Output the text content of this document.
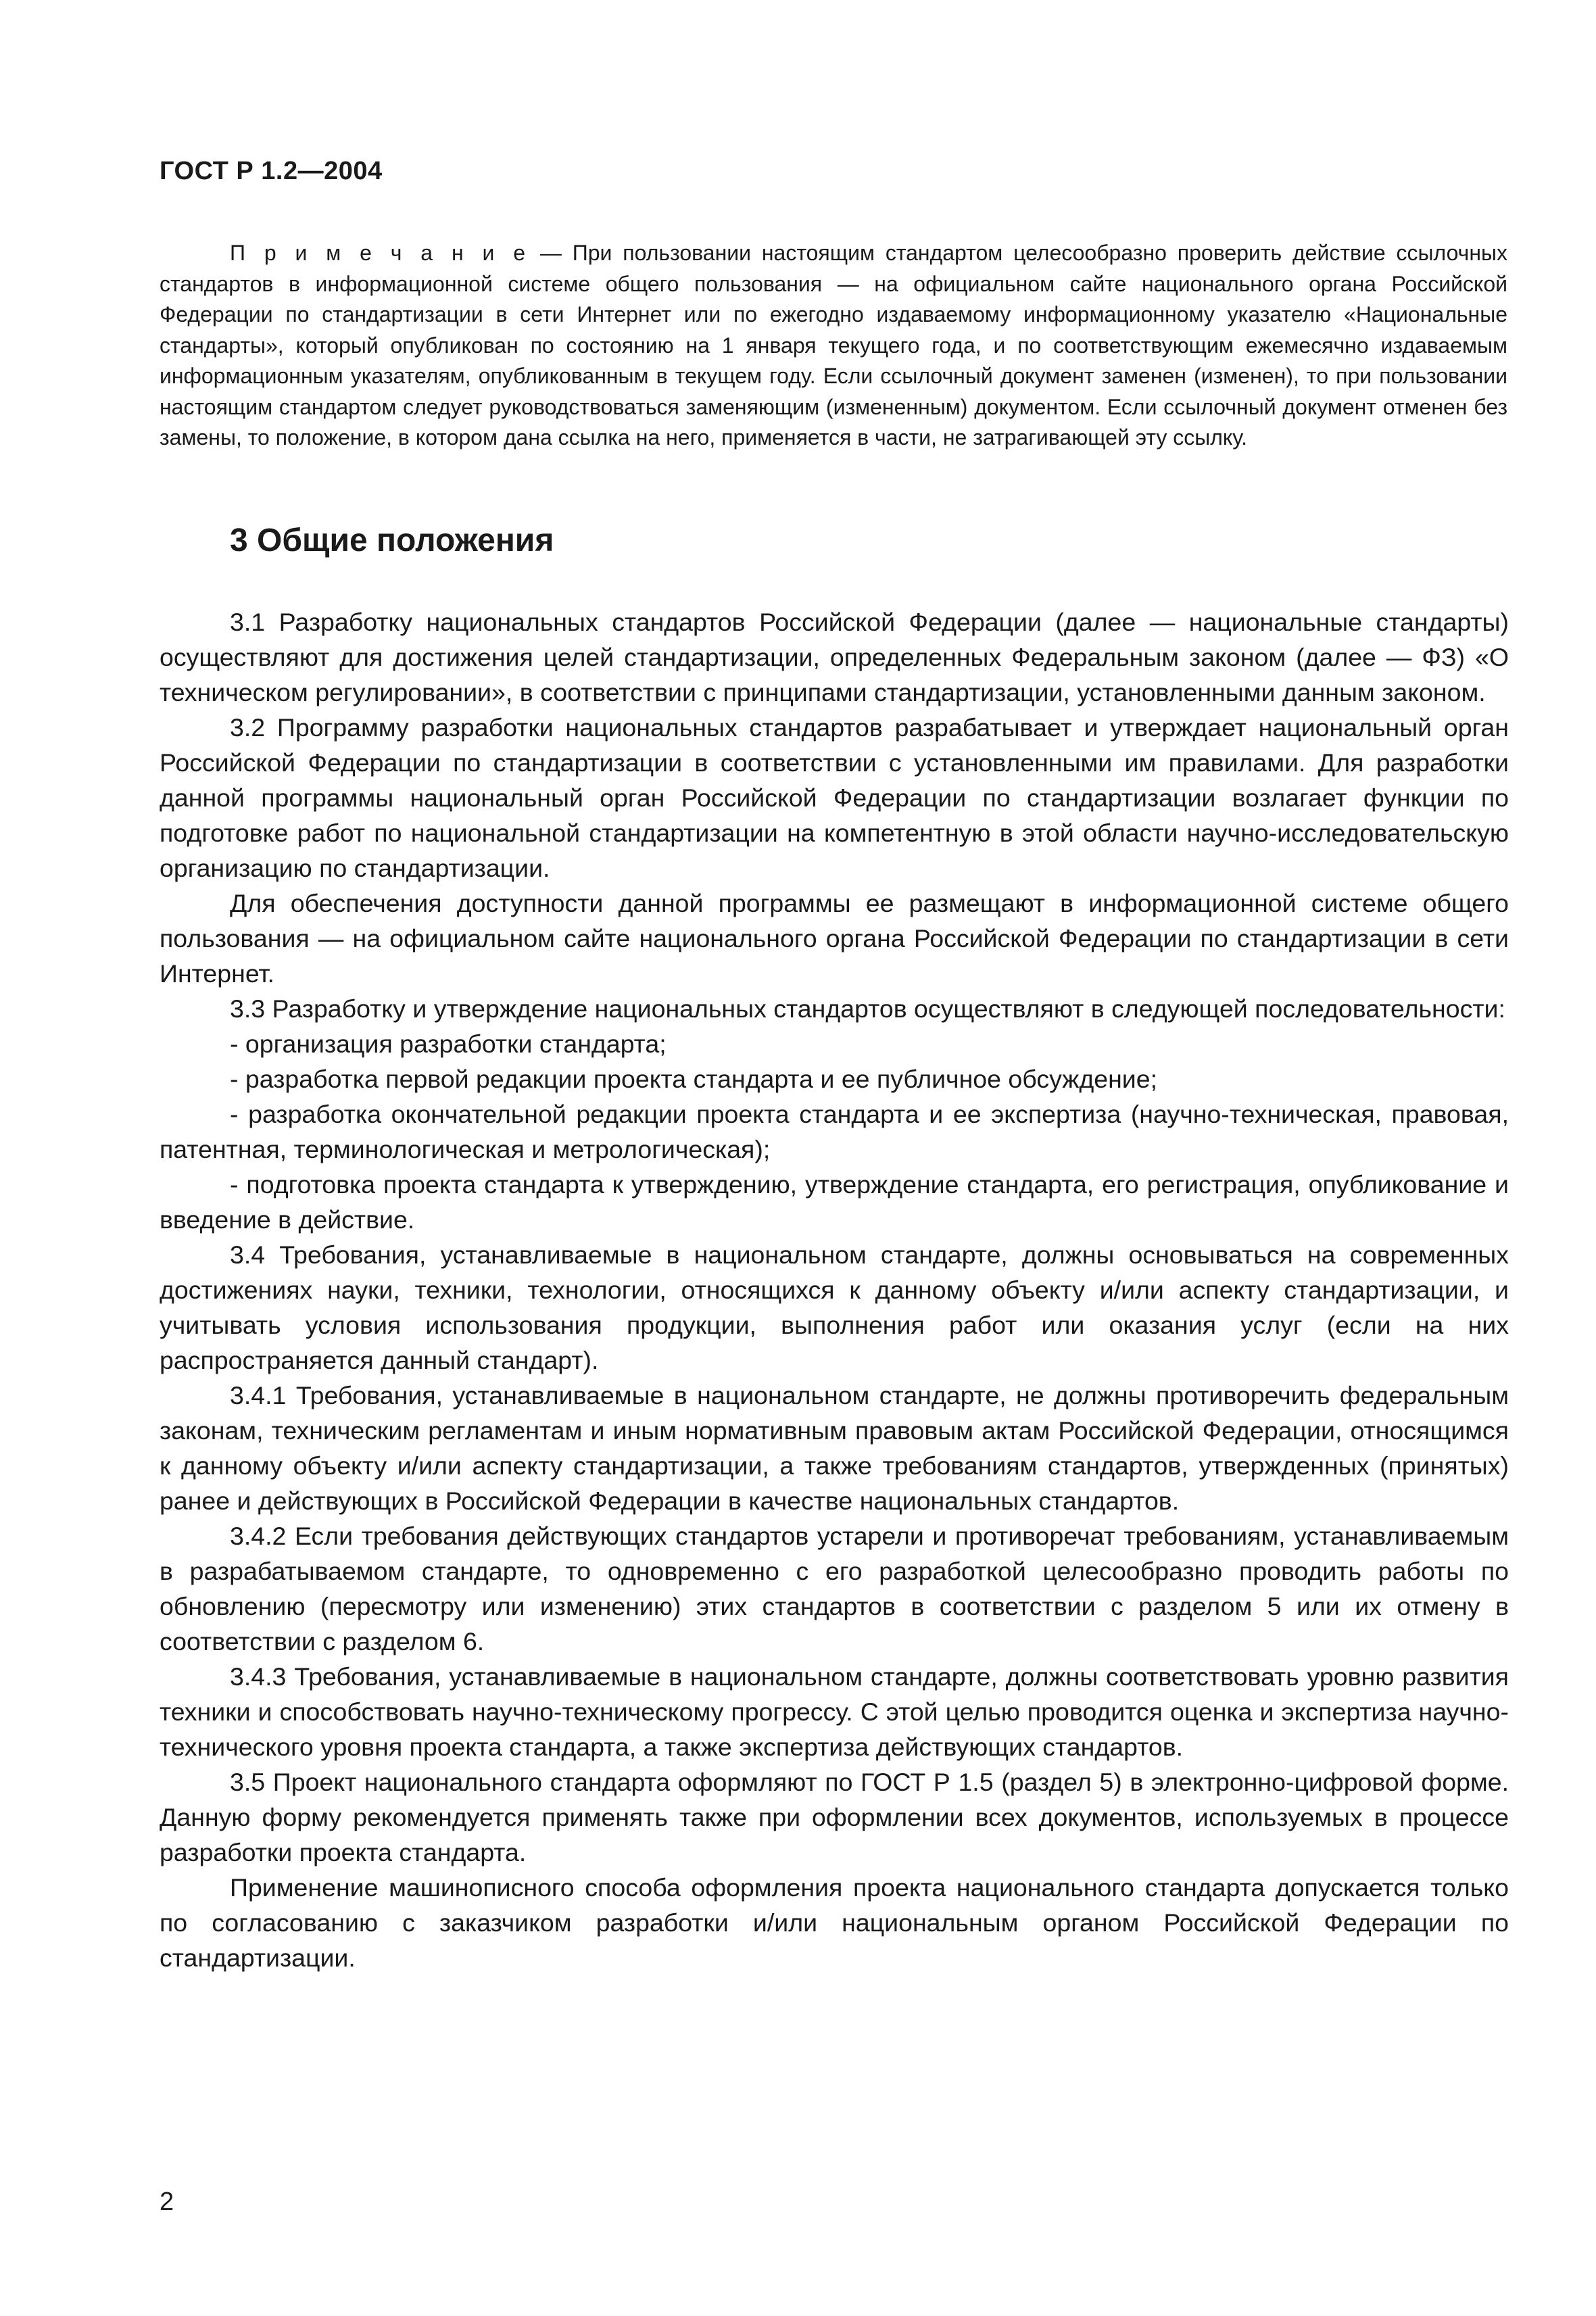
ГОСТ Р 1.2—2004

П р и м е ч а н и е — При пользовании настоящим стандартом целесообразно проверить действие ссылочных стандартов в информационной системе общего пользования — на официальном сайте национального органа Российской Федерации по стандартизации в сети Интернет или по ежегодно издаваемому информационному указателю «Национальные стандарты», который опубликован по состоянию на 1 января текущего года, и по соответствующим ежемесячно издаваемым информационным указателям, опубликованным в текущем году. Если ссылочный документ заменен (изменен), то при пользовании настоящим стандартом следует руководствоваться заменяющим (измененным) документом. Если ссылочный документ отменен без замены, то положение, в котором дана ссылка на него, применяется в части, не затрагивающей эту ссылку.

3 Общие положения

3.1 Разработку национальных стандартов Российской Федерации (далее — национальные стандарты) осуществляют для достижения целей стандартизации, определенных Федеральным законом (далее — ФЗ) «О техническом регулировании», в соответствии с принципами стандартизации, установленными данным законом.

3.2 Программу разработки национальных стандартов разрабатывает и утверждает национальный орган Российской Федерации по стандартизации в соответствии с установленными им правилами. Для разработки данной программы национальный орган Российской Федерации по стандартизации возлагает функции по подготовке работ по национальной стандартизации на компетентную в этой области научно-исследовательскую организацию по стандартизации.

Для обеспечения доступности данной программы ее размещают в информационной системе общего пользования — на официальном сайте национального органа Российской Федерации по стандартизации в сети Интернет.

3.3 Разработку и утверждение национальных стандартов осуществляют в следующей последовательности:

- организация разработки стандарта;

- разработка первой редакции проекта стандарта и ее публичное обсуждение;

- разработка окончательной редакции проекта стандарта и ее экспертиза (научно-техническая, правовая, патентная, терминологическая и метрологическая);

- подготовка проекта стандарта к утверждению, утверждение стандарта, его регистрация, опубликование и введение в действие.

3.4 Требования, устанавливаемые в национальном стандарте, должны основываться на современных достижениях науки, техники, технологии, относящихся к данному объекту и/или аспекту стандартизации, и учитывать условия использования продукции, выполнения работ или оказания услуг (если на них распространяется данный стандарт).

3.4.1 Требования, устанавливаемые в национальном стандарте, не должны противоречить федеральным законам, техническим регламентам и иным нормативным правовым актам Российской Федерации, относящимся к данному объекту и/или аспекту стандартизации, а также требованиям стандартов, утвержденных (принятых) ранее и действующих в Российской Федерации в качестве национальных стандартов.

3.4.2 Если требования действующих стандартов устарели и противоречат требованиям, устанавливаемым в разрабатываемом стандарте, то одновременно с его разработкой целесообразно проводить работы по обновлению (пересмотру или изменению) этих стандартов в соответствии с разделом 5 или их отмену в соответствии с разделом 6.

3.4.3 Требования, устанавливаемые в национальном стандарте, должны соответствовать уровню развития техники и способствовать научно-техническому прогрессу. С этой целью проводится оценка и экспертиза научно-технического уровня проекта стандарта, а также экспертиза действующих стандартов.

3.5 Проект национального стандарта оформляют по ГОСТ Р 1.5 (раздел 5) в электронно-цифровой форме. Данную форму рекомендуется применять также при оформлении всех документов, используемых в процессе разработки проекта стандарта.

Применение машинописного способа оформления проекта национального стандарта допускается только по согласованию с заказчиком разработки и/или национальным органом Российской Федерации по стандартизации.

2
